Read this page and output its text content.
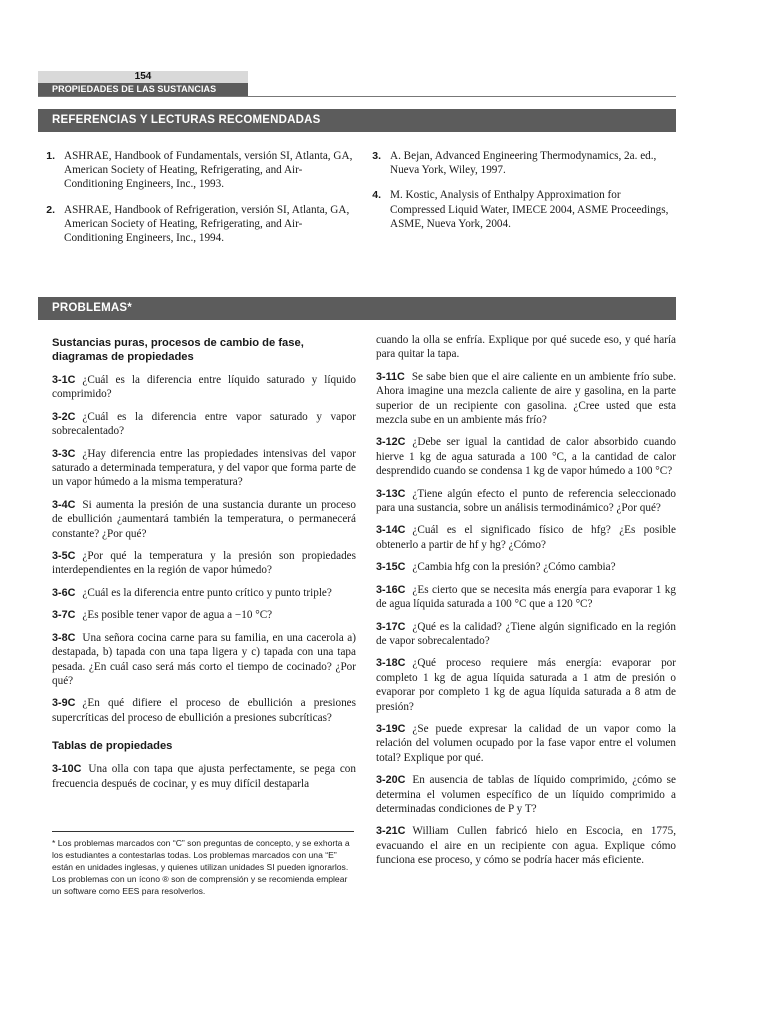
154
PROPIEDADES DE LAS SUSTANCIAS PURAS
REFERENCIAS Y LECTURAS RECOMENDADAS
1. ASHRAE, Handbook of Fundamentals, versión SI, Atlanta, GA, American Society of Heating, Refrigerating, and Air-Conditioning Engineers, Inc., 1993.
2. ASHRAE, Handbook of Refrigeration, versión SI, Atlanta, GA, American Society of Heating, Refrigerating, and Air-Conditioning Engineers, Inc., 1994.
3. A. Bejan, Advanced Engineering Thermodynamics, 2a. ed., Nueva York, Wiley, 1997.
4. M. Kostic, Analysis of Enthalpy Approximation for Compressed Liquid Water, IMECE 2004, ASME Proceedings, ASME, Nueva York, 2004.
PROBLEMAS*
Sustancias puras, procesos de cambio de fase, diagramas de propiedades

3-1C ¿Cuál es la diferencia entre líquido saturado y líquido comprimido?

3-2C ¿Cuál es la diferencia entre vapor saturado y vapor sobrecalentado?

3-3C ¿Hay diferencia entre las propiedades intensivas del vapor saturado a determinada temperatura, y del vapor que forma parte de un vapor húmedo a la misma temperatura?

3-4C Si aumenta la presión de una sustancia durante un proceso de ebullición ¿aumentará también la temperatura, o permanecerá constante? ¿Por qué?

3-5C ¿Por qué la temperatura y la presión son propiedades interdependientes en la región de vapor húmedo?

3-6C ¿Cuál es la diferencia entre punto crítico y punto triple?

3-7C ¿Es posible tener vapor de agua a −10 °C?

3-8C Una señora cocina carne para su familia, en una cacerola a) destapada, b) tapada con una tapa ligera y c) tapada con una tapa pesada. ¿En cuál caso será más corto el tiempo de cocinado? ¿Por qué?

3-9C ¿En qué difiere el proceso de ebullición a presiones supercríticas del proceso de ebullición a presiones subcríticas?

Tablas de propiedades

3-10C Una olla con tapa que ajusta perfectamente, se pega con frecuencia después de cocinar, y es muy difícil destaparla

cuando la olla se enfría. Explique por qué sucede eso, y qué haría para quitar la tapa.

3-11C Se sabe bien que el aire caliente en un ambiente frío sube. Ahora imagine una mezcla caliente de aire y gasolina, en la parte superior de un recipiente con gasolina. ¿Cree usted que esta mezcla sube en un ambiente más frío?

3-12C ¿Debe ser igual la cantidad de calor absorbido cuando hierve 1 kg de agua saturada a 100 °C, a la cantidad de calor desprendido cuando se condensa 1 kg de vapor húmedo a 100 °C?

3-13C ¿Tiene algún efecto el punto de referencia seleccionado para una sustancia, sobre un análisis termodinámico? ¿Por qué?

3-14C ¿Cuál es el significado físico de hfg? ¿Es posible obtenerlo a partir de hf y hg? ¿Cómo?

3-15C ¿Cambia hfg con la presión? ¿Cómo cambia?

3-16C ¿Es cierto que se necesita más energía para evaporar 1 kg de agua líquida saturada a 100 °C que a 120 °C?

3-17C ¿Qué es la calidad? ¿Tiene algún significado en la región de vapor sobrecalentado?

3-18C ¿Qué proceso requiere más energía: evaporar por completo 1 kg de agua líquida saturada a 1 atm de presión o evaporar por completo 1 kg de agua líquida saturada a 8 atm de presión?

3-19C ¿Se puede expresar la calidad de un vapor como la relación del volumen ocupado por la fase vapor entre el volumen total? Explique por qué.

3-20C En ausencia de tablas de líquido comprimido, ¿cómo se determina el volumen específico de un líquido comprimido a determinadas condiciones de P y T?

3-21C William Cullen fabricó hielo en Escocia, en 1775, evacuando el aire en un recipiente con agua. Explique cómo funciona ese proceso, y cómo se podría hacer más eficiente.

* Los problemas marcados con “C” son preguntas de concepto, y se exhorta a los estudiantes a contestarlas todas. Los problemas marcados con una “E” están en unidades inglesas, y quienes utilizan unidades SI pueden ignorarlos. Los problemas con un ícono ® son de comprensión y se recomienda emplear un software como EES para resolverlos.
